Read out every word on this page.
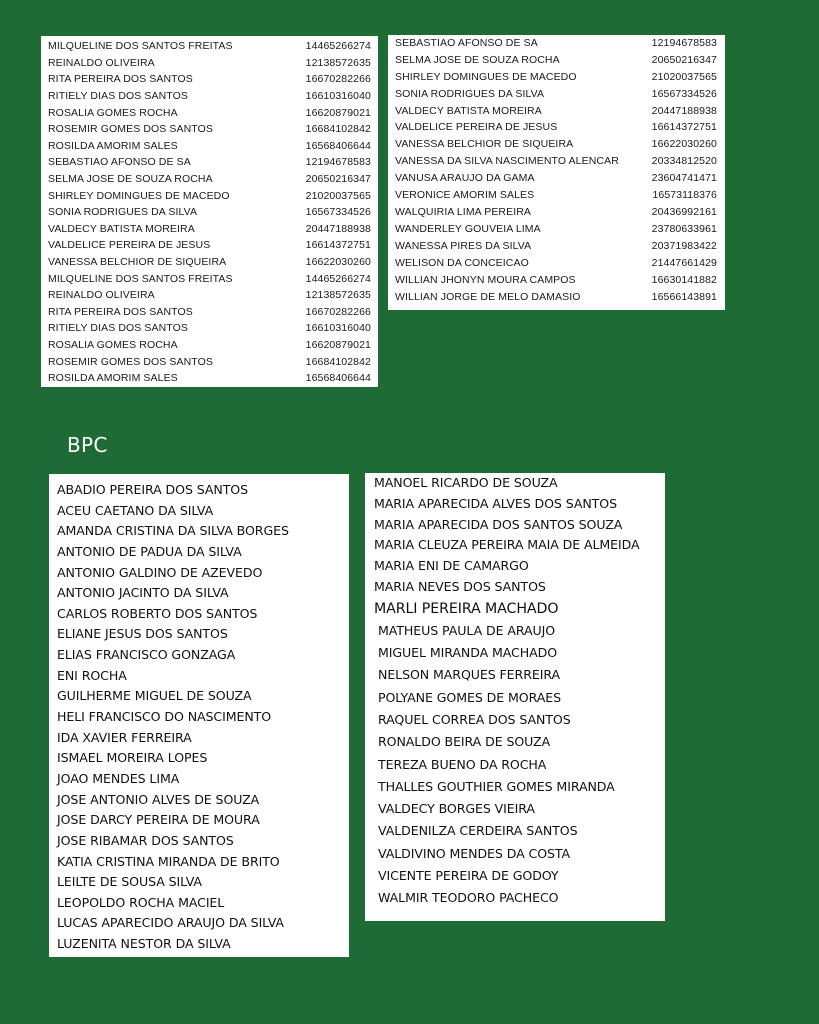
MILQUELINE DOS SANTOS FREITAS	14465266274
REINALDO OLIVEIRA	12138572635
RITA PEREIRA DOS SANTOS	16670282266
RITIELY DIAS DOS SANTOS	16610316040
ROSALIA GOMES ROCHA	16620879021
ROSEMIR GOMES DOS SANTOS	16684102842
ROSILDA AMORIM SALES	16568406644
SEBASTIAO AFONSO DE SA	12194678583
SELMA JOSE DE SOUZA ROCHA	20650216347
SHIRLEY DOMINGUES DE MACEDO	21020037565
SONIA RODRIGUES DA SILVA	16567334526
VALDECY BATISTA MOREIRA	20447188938
VALDELICE PEREIRA DE JESUS	16614372751
VANESSA BELCHIOR DE SIQUEIRA	16622030260
MILQUELINE DOS SANTOS FREITAS	14465266274
REINALDO OLIVEIRA	12138572635
RITA PEREIRA DOS SANTOS	16670282266
RITIELY DIAS DOS SANTOS	16610316040
ROSALIA GOMES ROCHA	16620879021
ROSEMIR GOMES DOS SANTOS	16684102842
ROSILDA AMORIM SALES	16568406644
SEBASTIAO AFONSO DE SA	12194678583
SELMA JOSE DE SOUZA ROCHA	20650216347
SHIRLEY DOMINGUES DE MACEDO	21020037565
SONIA RODRIGUES DA SILVA	16567334526
VALDECY BATISTA MOREIRA	20447188938
VALDELICE PEREIRA DE JESUS	16614372751
VANESSA BELCHIOR DE SIQUEIRA	16622030260
VANESSA DA SILVA NASCIMENTO ALENCAR	20334812520
VANUSA ARAUJO DA GAMA	23604741471
VERONICE AMORIM SALES	16573118376
WALQUIRIA LIMA PEREIRA	20436992161
WANDERLEY GOUVEIA LIMA	23780633961
WANESSA PIRES DA SILVA	20371983422
WELISON DA CONCEICAO	21447661429
WILLIAN JHONYN MOURA CAMPOS	16630141882
WILLIAN JORGE DE MELO DAMASIO	16566143891
BPC
ABADIO PEREIRA DOS SANTOS
ACEU CAETANO DA SILVA
AMANDA CRISTINA DA SILVA BORGES
ANTONIO DE PADUA DA SILVA
ANTONIO GALDINO DE AZEVEDO
ANTONIO JACINTO DA SILVA
CARLOS ROBERTO DOS SANTOS
ELIANE JESUS DOS SANTOS
ELIAS FRANCISCO GONZAGA
ENI ROCHA
GUILHERME MIGUEL DE SOUZA
HELI FRANCISCO DO NASCIMENTO
IDA XAVIER FERREIRA
ISMAEL MOREIRA LOPES
JOAO MENDES LIMA
JOSE ANTONIO ALVES DE SOUZA
JOSE DARCY PEREIRA DE MOURA
JOSE RIBAMAR DOS SANTOS
KATIA CRISTINA MIRANDA DE BRITO
LEILTE DE SOUSA SILVA
LEOPOLDO ROCHA MACIEL
LUCAS APARECIDO ARAUJO DA SILVA
LUZENITA NESTOR DA SILVA
MANOEL RICARDO DE SOUZA
MARIA APARECIDA ALVES DOS SANTOS
MARIA APARECIDA DOS SANTOS SOUZA
MARIA CLEUZA PEREIRA MAIA DE ALMEIDA
MARIA ENI DE CAMARGO
MARIA NEVES DOS SANTOS
MARLI PEREIRA MACHADO
MATHEUS PAULA DE ARAUJO
MIGUEL MIRANDA MACHADO
NELSON MARQUES FERREIRA
POLYANE GOMES DE MORAES
RAQUEL CORREA DOS SANTOS
RONALDO BEIRA DE SOUZA
TEREZA BUENO DA ROCHA
THALLES GOUTHIER GOMES MIRANDA
VALDECY BORGES VIEIRA
VALDENILZA CERDEIRA SANTOS
VALDIVINO MENDES DA COSTA
VICENTE PEREIRA DE GODOY
WALMIR TEODORO PACHECO
